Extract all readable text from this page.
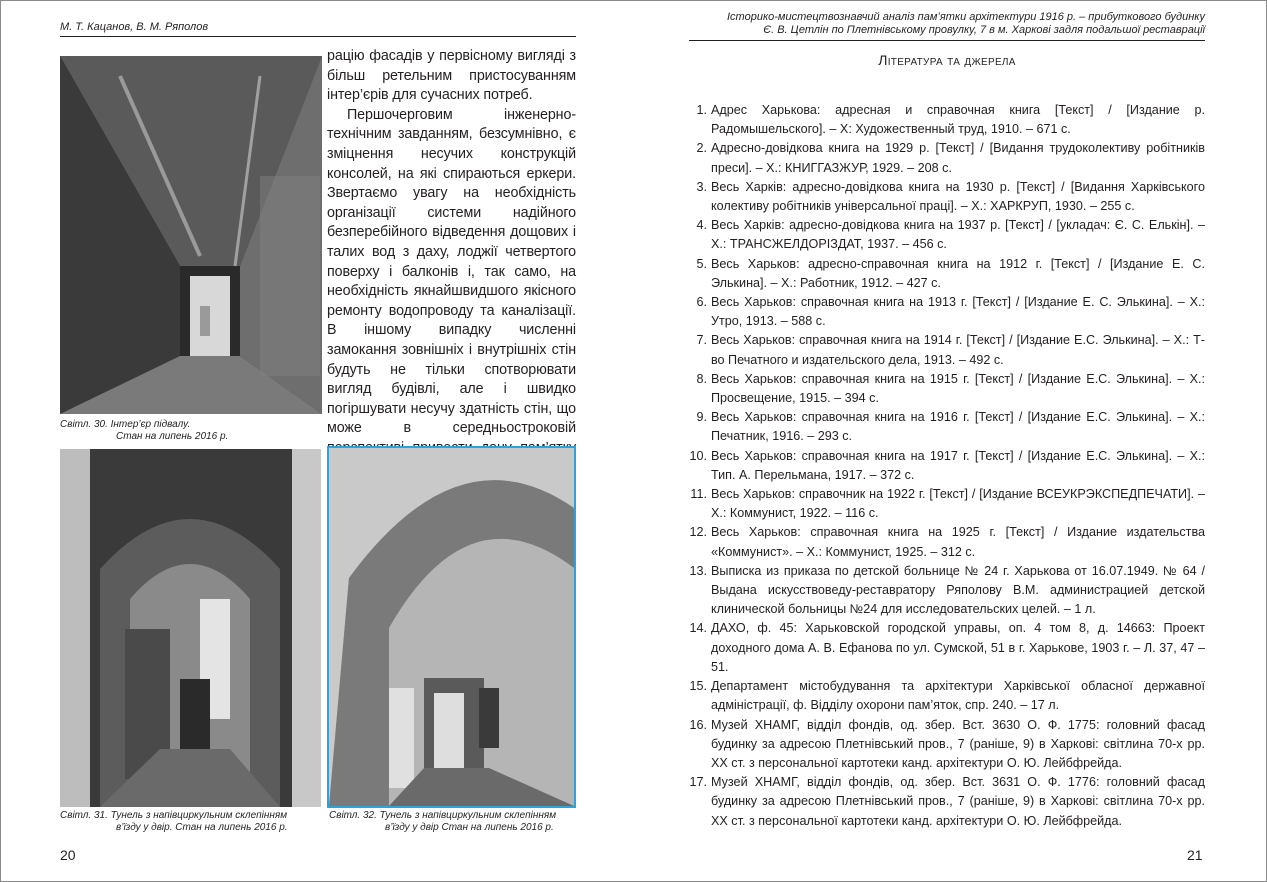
М. Т. Кацанов, В. М. Ряполов
Світл. 30. Інтер’єр підвалу.
Стан на липень 2016 р.

рацію фасадів у первісному вигляді з більш ретельним пристосуванням інтер’єрів для сучасних потреб.

Першочерговим інженерно-технічним завданням, безсумнівно, є зміцнення несучих конструкцій консолей, на які спираються еркери. Звертаємо увагу на необхідність організації системи надійного безперебійного відведення дощових і талих вод з даху, лоджії четвертого поверху і балконів і, так само, на необхідність якнайшвидшого якісного ремонту водопроводу та каналізації. В іншому випадку численні замокання зовнішніх і внутрішніх стін будуть не тільки спотворювати вигляд будівлі, але і швидко погіршувати несучу здатність стін, що може в середньостроковій

Світл. 31. Тунель з напівциркульним склепінням
в’їзду у двір. Стан на липень 2016 р.
Світл. 32. Тунель з напівциркульним склепінням
в’їзду у двір Стан на липень 2016 р.
20
Історико-мистецтвознавчий аналіз пам’ятки архітектури 1916 р. – прибуткового будинку
Є. В. Цетлін по Плетнівському провулку, 7 в м. Харкові задля подальшої реставрації
Література та джерела
1. Адрес Харькова: адресная и справочная книга [Текст] / [Издание р. Радомышельского]. – Х: Художественный труд, 1910. – 671 с.
2. Адресно-довідкова книга на 1929 р. [Текст] / [Видання трудоколективу робітників преси]. – Х.: КНИГГАЗЖУР, 1929. – 208 с.
3. Весь Харків: адресно-довідкова книга на 1930 р. [Текст] / [Видання Харківського колективу робітників універсальної праці]. – Х.: ХАРКРУП, 1930. – 255 с.
4. Весь Харків: адресно-довідкова книга на 1937 р. [Текст] / [укладач: Є. С. Елькін]. – Х.: ТРАНСЖЕЛДОРІЗДАТ, 1937. – 456 с.
5. Весь Харьков: адресно-справочная книга на 1912 г. [Текст] / [Издание Е. С. Элькина]. – Х.: Работник, 1912. – 427 с.
6. Весь Харьков: справочная книга на 1913 г. [Текст] / [Издание Е. С. Элькина]. – Х.: Утро, 1913. – 588 с.
7. Весь Харьков: справочная книга на 1914 г. [Текст] / [Издание Е.С. Элькина]. – Х.: Т-во Печатного и издательского дела, 1913. – 492 с.
8. Весь Харьков: справочная книга на 1915 г. [Текст] / [Издание Е.С. Элькина]. – Х.: Просвещение, 1915. – 394 с.
9. Весь Харьков: справочная книга на 1916 г. [Текст] / [Издание Е.С. Элькина]. – Х.: Печатник, 1916. – 293 с.
10. Весь Харьков: справочная книга на 1917 г. [Текст] / [Издание Е.С. Элькина]. – Х.: Тип. А. Перельмана, 1917. – 372 с.
11. Весь Харьков: справочник на 1922 г. [Текст] / [Издание ВСЕУКРЭКСПЕДПЕЧАТИ]. – Х.: Коммунист, 1922. – 116 с.
12. Весь Харьков: справочная книга на 1925 г. [Текст] / Издание издательства «Коммунист». – Х.: Коммунист, 1925. – 312 с.
13. Выписка из приказа по детской больнице № 24 г. Харькова от 16.07.1949. № 64 / Выдана искусствоведу-реставратору Ряполову В.М. администрацией детской клинической больницы №24 для исследовательских целей. – 1 л.
14. ДАХО, ф. 45: Харьковской городской управы, оп. 4 том 8, д. 14663: Проект доходного дома А. В. Ефанова по ул. Сумской, 51 в г. Харькове, 1903 г. – Л. 37, 47 – 51.
15. Департамент містобудування та архітектури Харківської обласної державної адміністрації, ф. Відділу охорони пам’яток, спр. 240. – 17 л.
16. Музей ХНАМГ, відділ фондів, од. збер. Вст. 3630 О. Ф. 1775: головний фасад будинку за адресою Плетнівський пров., 7 (раніше, 9) в Харкові: світлина 70-х рр. ХХ ст. з персональної картотеки канд. архітектури О. Ю. Лейбфрейда.
17. Музей ХНАМГ, відділ фондів, од. збер. Вст. 3631 О. Ф. 1776: головний фасад будинку за адресою Плетнівський пров., 7 (раніше, 9) в Харкові: світлина 70-х рр. ХХ ст. з персональної картотеки канд. архітектури О. Ю. Лейбфрейда.
21
